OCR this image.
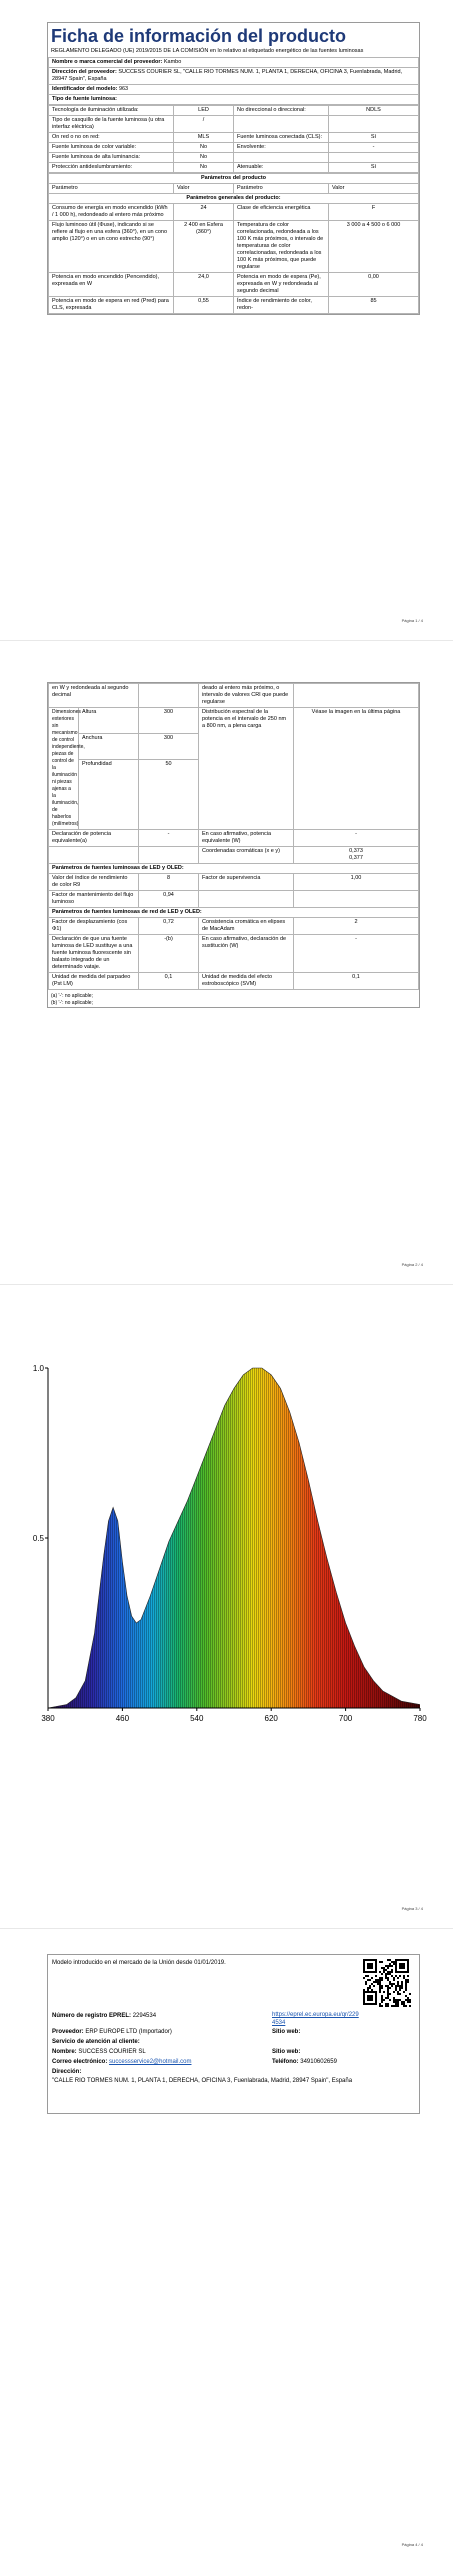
Ficha de información del producto
REGLAMENTO DELEGADO (UE) 2019/2015 DE LA COMISIÓN en lo relativo al etiquetado energético de las fuentes luminosas
Nombre o marca comercial del proveedor: Kambo
Dirección del proveedor: SUCCESS COURIER SL, "CALLE RIO TORMES NUM. 1, PLANTA 1, DERECHA, OFICINA 3, Fuenlabrada, Madrid, 28947 Spain", España
Identificador del modelo: 963
Tipo de fuente luminosa:
Tecnología de iluminación utilizada:	LED	No direccional o direccional:	NDLS
Tipo de casquillo de la fuente luminosa (u otra interfaz eléctrica)	/		
On red o no on red:	MLS	Fuente luminosa conectada (CLS):	Sí
Fuente luminosa de color variable:	No	Envolvente:	-
Fuente luminosa de alta luminancia:	No		
Protección antideslumbramiento:	No	Atenuable:	Sí
Parámetros del producto			
Parámetro	Valor	Parámetro	Valor
Parámetros generales del producto:			
Consumo de energía en modo encendido (kWh / 1 000 h), redondeado al entero más próximo	24	Clase de eficiencia energética	F
Flujo luminoso útil (Φuse), indicando si se refiere al flujo en una esfera (360°), en un cono amplio (120°) o en un cono estrecho (90°)	2 400 en Esfera (360°)	Temperatura de color correlacionada, redondeada a los 100 K más próximos, o intervalo de temperaturas de color correlacionadas, redondeada a los 100 K más próximos, que puede regularse	3 000 a 4 500 o 6 000
Potencia en modo encendido (Pencendido), expresada en W	24,0	Potencia en modo de espera (Pe), expresada en W y redondeada al segundo decimal	0,00
Potencia en modo de espera en red (Pred) para CLS, expresada	0,55	Índice de rendimiento de color, redon-	85
Página 1 / 4
en W y redondeada al segundo decimal			deado al entero más próximo, o intervalo de valores CRI que puede regularse	
Dimensiones exteriores sin mecanismo de control independiente, piezas de control de la iluminación ni piezas ajenas a la iluminación, de haberlos (milímetros)	Altura	300	Distribución espectral de la potencia en el intervalo de 250 nm a 800 nm, a plena carga	Véase la imagen en la última página
	Anchura	300		
	Profundidad	50		
Declaración de potencia equivalente(a)		-	En caso afirmativo, potencia equivalente (W)	-
			Coordenadas cromáticas (x e y)	0,373
0,377
Parámetros de fuentes luminosas de LED y OLED:				
Valor del índice de rendimiento de color R9		8	Factor de supervivencia	1,00
Factor de mantenimiento del flujo luminoso		0,94		
Parámetros de fuentes luminosas de red de LED y OLED:				
Factor de desplazamiento (cos Φ1)		0,72	Consistencia cromática en elipses de MacAdam	2
Declaración de que una fuente luminosa de LED sustituye a una fuente luminosa fluorescente sin balasto integrado de un determinado vataje.		-(b)	En caso afirmativo, declaración de sustitución (W)	-
Unidad de medida del parpadeo (Pst LM)		0,1	Unidad de medida del efecto estroboscópico (SVM)	0,1
(a) '-': no aplicable;
(b) '-': no aplicable;
Página 2 / 4
1.0
0.5
380	460	540	620	700	780
Página 3 / 4
Modelo introducido en el mercado de la Unión desde 01/01/2019.
Número de registro EPREL: 2294534	https://eprel.ec.europa.eu/qr/2294534
Proveedor: ERP EUROPE LTD (Importador)	Sitio web:
Servicio de atención al cliente:
Nombre: SUCCESS COURIER SL	Sitio web:
Correo electrónico: successservice2@hotmail.com	Teléfono: 34910602659
Dirección:
"CALLE RIO TORMES NUM. 1, PLANTA 1, DERECHA, OFICINA 3, Fuenlabrada, Madrid, 28947 Spain", España
Página 4 / 4
